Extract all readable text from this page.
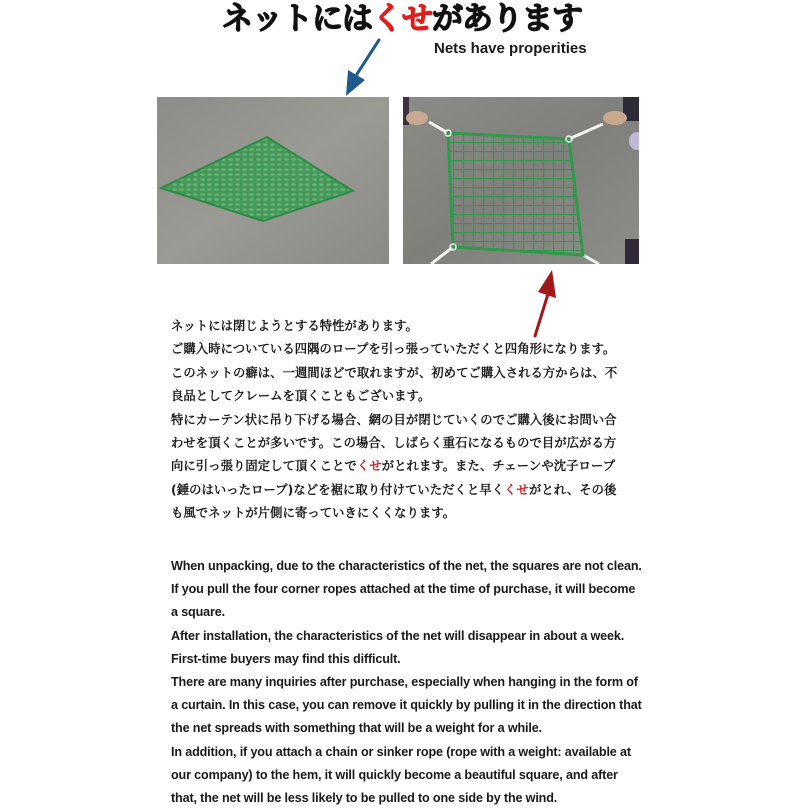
ネットにはくせがあります
Nets have properities

ネットには閉じようとする特性があります。

ご購入時についている四隅のロープを引っ張っていただくと四角形になります。

このネットの癖は、一週間ほどで取れますが、初めてご購入される方からは、不

良品としてクレームを頂くこともございます。

特にカーテン状に吊り下げる場合、網の目が閉じていくのでご購入後にお問い合

わせを頂くことが多いです。この場合、しばらく重石になるもので目が広がる方

向に引っ張り固定して頂くことでくせがとれます。また、チェーンや沈子ロープ

(錘のはいったロープ)などを裾に取り付けていただくと早くくせがとれ、その後

も風でネットが片側に寄っていきにくくなります。

When unpacking, due to the characteristics of the net, the squares are not clean.

If you pull the four corner ropes attached at the time of purchase, it will become

a square.

After installation, the characteristics of the net will disappear in about a week.

First-time buyers may find this difficult.

There are many inquiries after purchase, especially when hanging in the form of

a curtain. In this case, you can remove it quickly by pulling it in the direction that

the net spreads with something that will be a weight for a while.

In addition, if you attach a chain or sinker rope (rope with a weight: available at

our company) to the hem, it will quickly become a beautiful square, and after

that, the net will be less likely to be pulled to one side by the wind.
